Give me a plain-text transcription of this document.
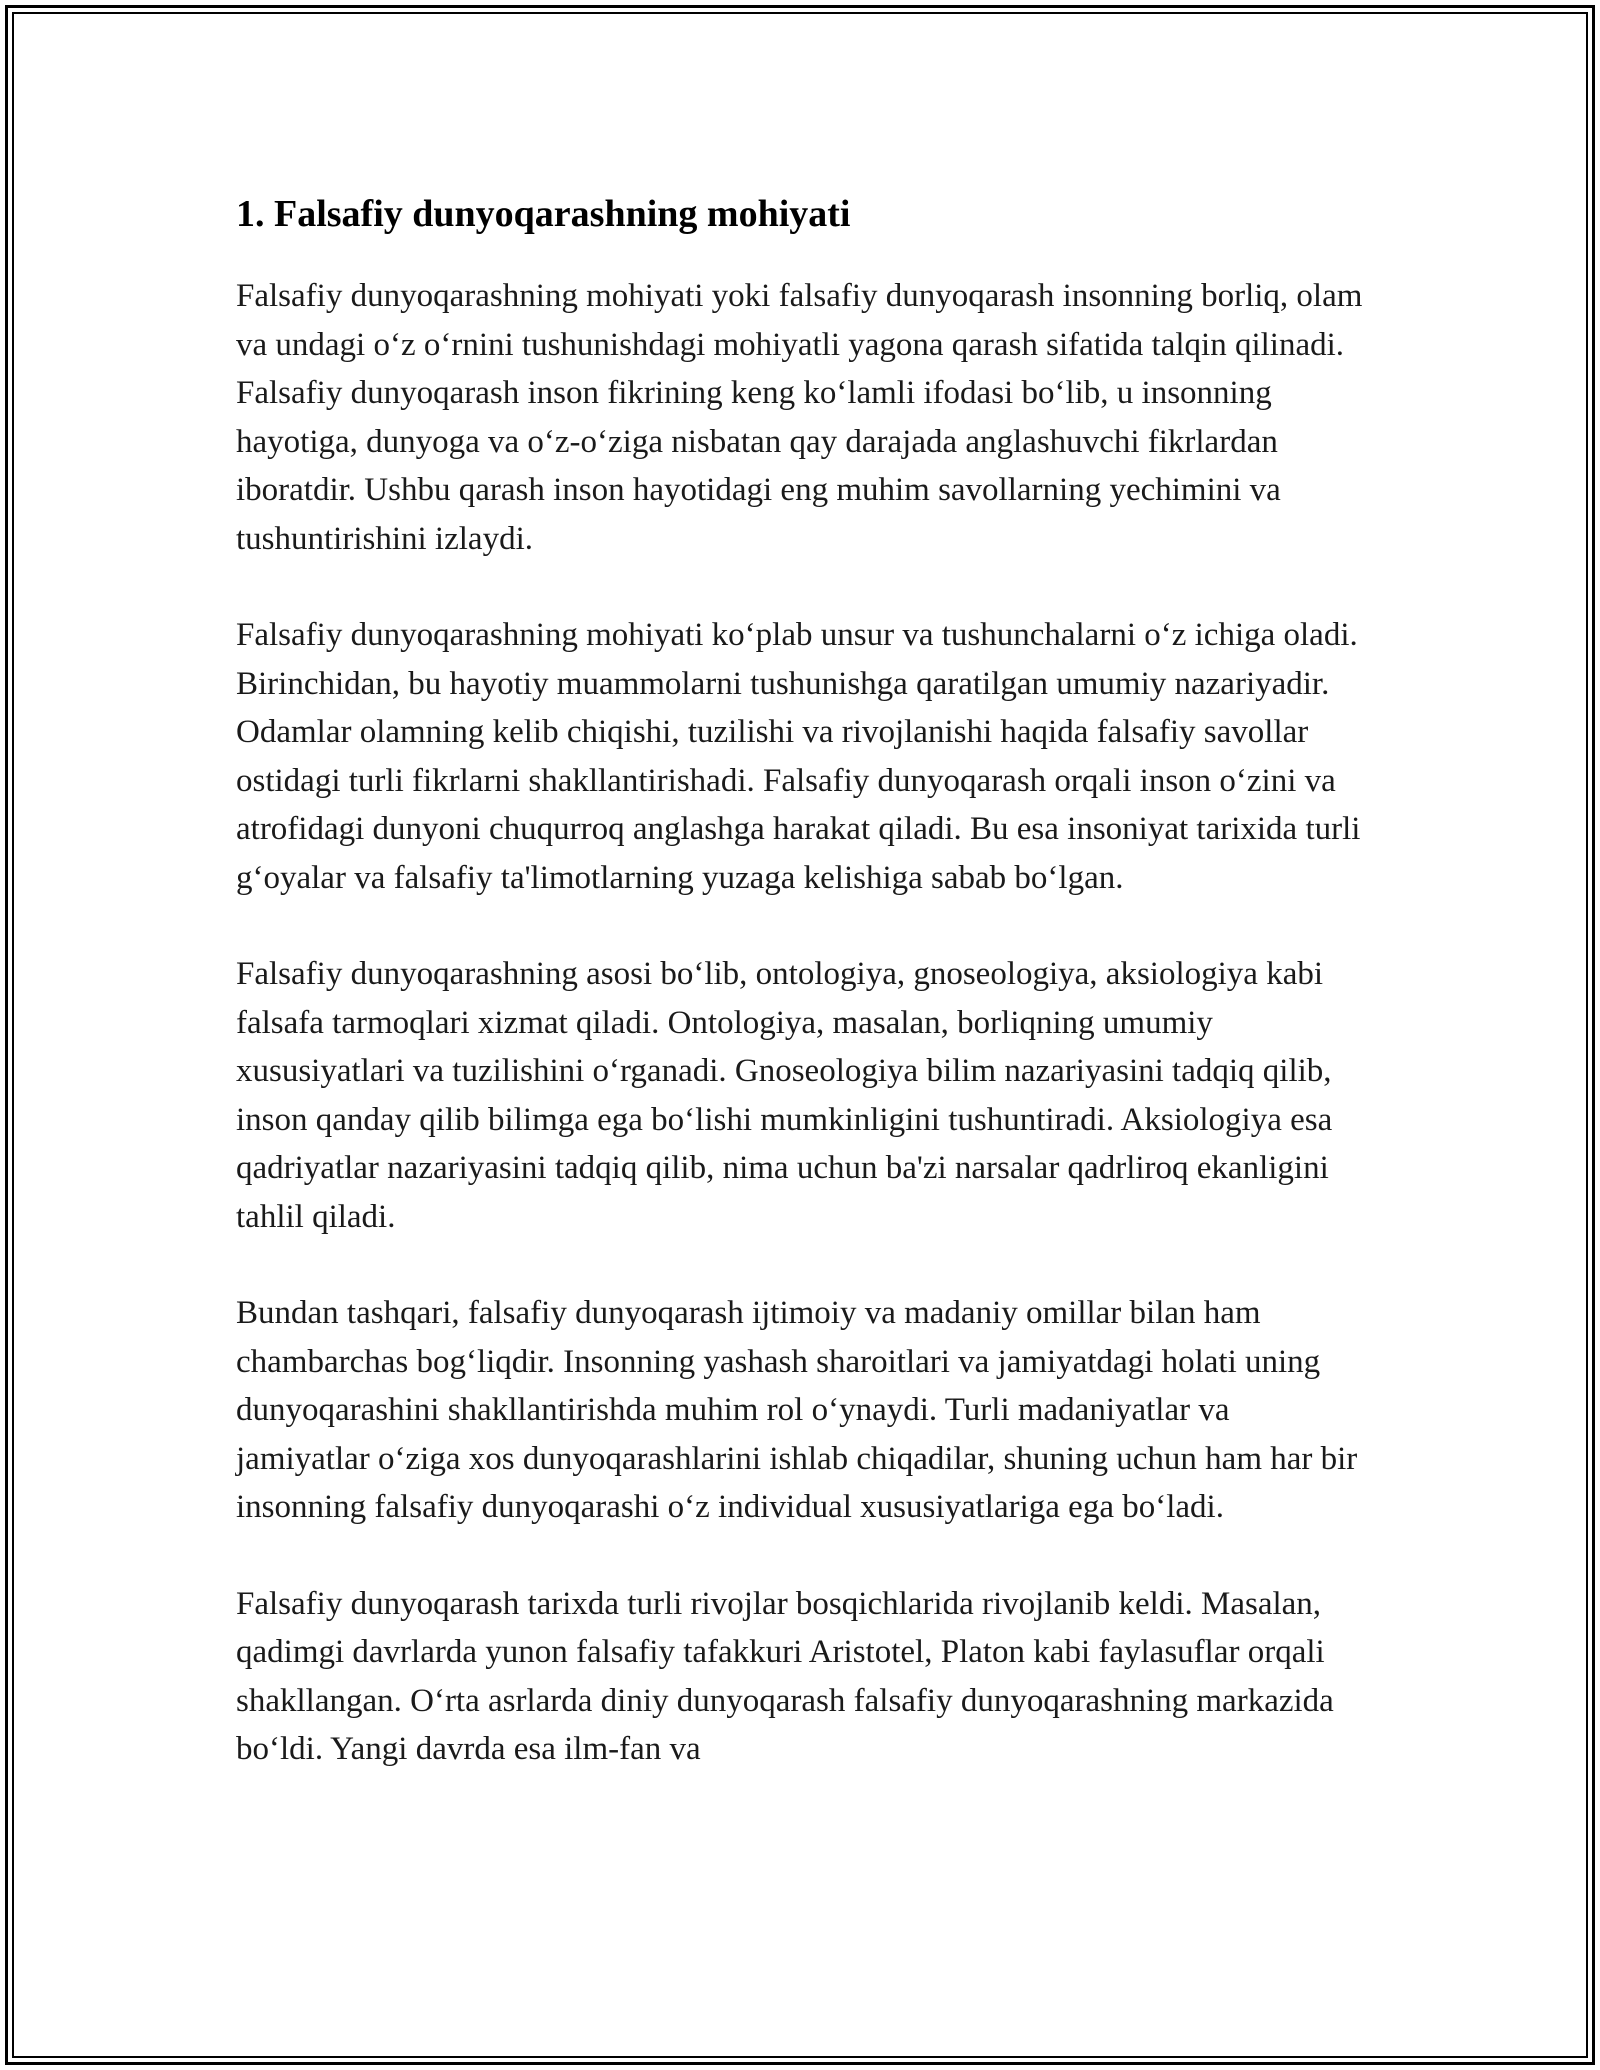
1. Falsafiy dunyoqarashning mohiyati

Falsafiy dunyoqarashning mohiyati yoki falsafiy dunyoqarash insonning borliq, olam va undagi o‘z o‘rnini tushunishdagi mohiyatli yagona qarash sifatida talqin qilinadi. Falsafiy dunyoqarash inson fikrining keng ko‘lamli ifodasi bo‘lib, u insonning hayotiga, dunyoga va o‘z-o‘ziga nisbatan qay darajada anglashuvchi fikrlardan iboratdir. Ushbu qarash inson hayotidagi eng muhim savollarning yechimini va tushuntirishini izlaydi.

Falsafiy dunyoqarashning mohiyati ko‘plab unsur va tushunchalarni o‘z ichiga oladi. Birinchidan, bu hayotiy muammolarni tushunishga qaratilgan umumiy nazariyadir. Odamlar olamning kelib chiqishi, tuzilishi va rivojlanishi haqida falsafiy savollar ostidagi turli fikrlarni shakllantirishadi. Falsafiy dunyoqarash orqali inson o‘zini va atrofidagi dunyoni chuqurroq anglashga harakat qiladi. Bu esa insoniyat tarixida turli g‘oyalar va falsafiy ta'limotlarning yuzaga kelishiga sabab bo‘lgan.

Falsafiy dunyoqarashning asosi bo‘lib, ontologiya, gnoseologiya, aksiologiya kabi falsafa tarmoqlari xizmat qiladi. Ontologiya, masalan, borliqning umumiy xususiyatlari va tuzilishini o‘rganadi. Gnoseologiya bilim nazariyasini tadqiq qilib, inson qanday qilib bilimga ega bo‘lishi mumkinligini tushuntiradi. Aksiologiya esa qadriyatlar nazariyasini tadqiq qilib, nima uchun ba'zi narsalar qadrliroq ekanligini tahlil qiladi.

Bundan tashqari, falsafiy dunyoqarash ijtimoiy va madaniy omillar bilan ham chambarchas bog‘liqdir. Insonning yashash sharoitlari va jamiyatdagi holati uning dunyoqarashini shakllantirishda muhim rol o‘ynaydi. Turli madaniyatlar va jamiyatlar o‘ziga xos dunyoqarashlarini ishlab chiqadilar, shuning uchun ham har bir insonning falsafiy dunyoqarashi o‘z individual xususiyatlariga ega bo‘ladi.

Falsafiy dunyoqarash tarixda turli rivojlar bosqichlarida rivojlanib keldi. Masalan, qadimgi davrlarda yunon falsafiy tafakkuri Aristotel, Platon kabi faylasuflar orqali shakllangan. O‘rta asrlarda diniy dunyoqarash falsafiy dunyoqarashning markazida bo‘ldi. Yangi davrda esa ilm-fan va
